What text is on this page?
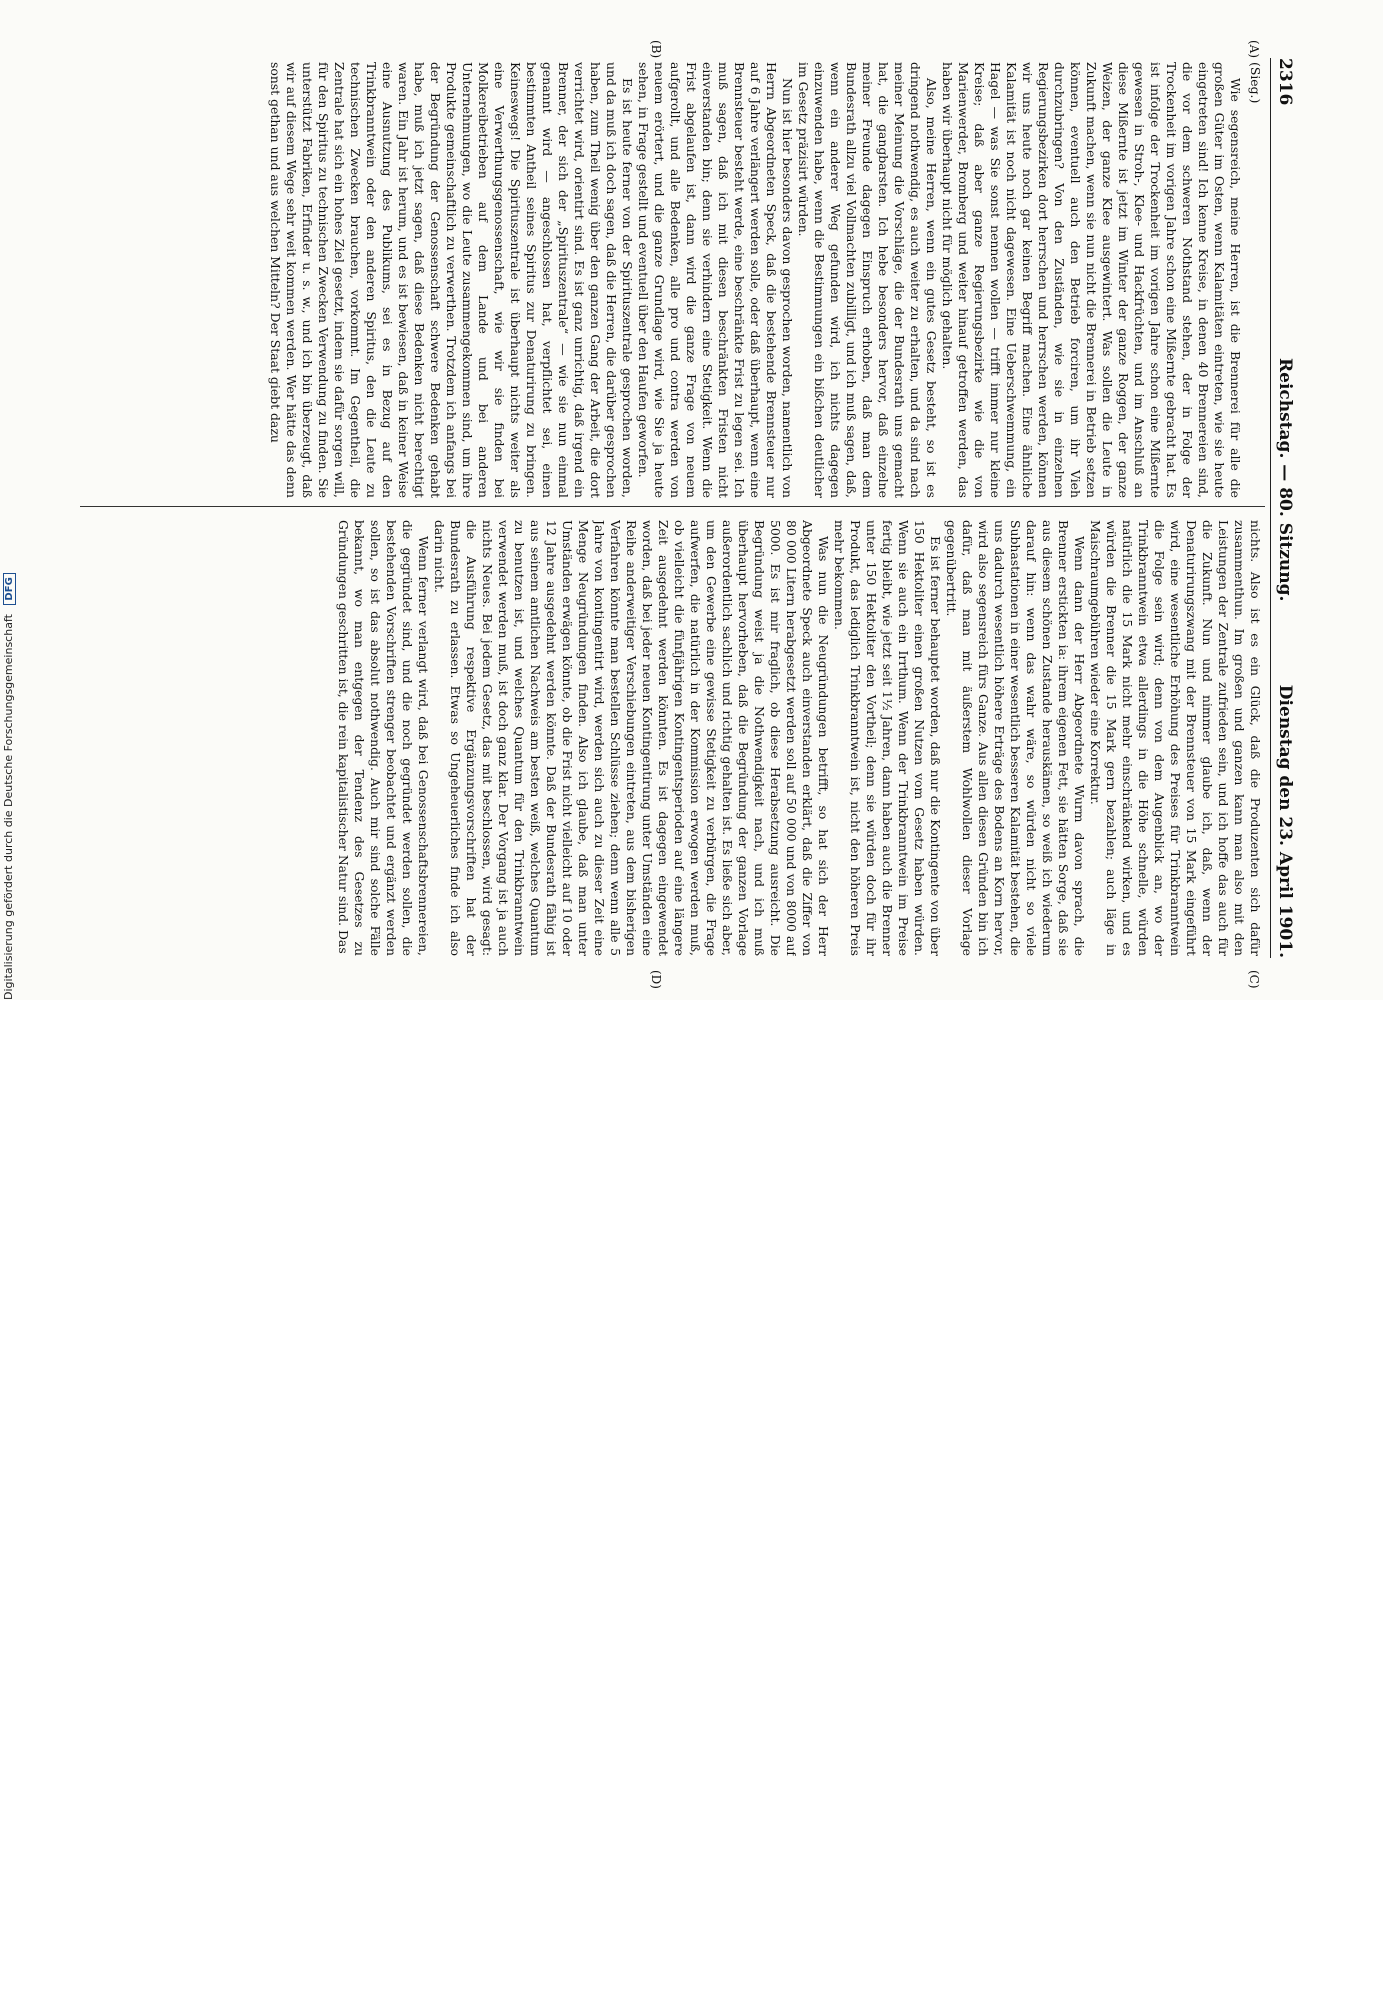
2316
Reichstag. — 80. Sitzung.
Dienstag den 23. April 1901.
(A)
(B)
(C)
(D)

(Sieg.)

Wie segensreich, meine Herren, ist die Brennerei für alle die großen Güter im Osten, wenn Kalamitäten eintreten, wie sie heute eingetreten sind! Ich kenne Kreise, in denen 40 Brennereien sind, die vor dem schweren Nothstand stehen, der in Folge der Trockenheit im vorigen Jahre schon eine Mißernte gebracht hat. Es ist infolge der Trockenheit im vorigen Jahre schon eine Mißernte gewesen in Stroh-, Klee- und Hackfrüchten, und im Anschluß an diese Mißernte ist jetzt im Winter der ganze Roggen, der ganze Weizen, der ganze Klee ausgewintert. Was sollen die Leute in Zukunft machen, wenn sie nun nicht die Brennerei in Betrieb setzen können, eventuell auch den Betrieb forciren, um ihr Vieh durchzubringen? Von den Zuständen, wie sie in einzelnen Regierungsbezirken dort herrschen und herrschen werden, können wir uns heute noch gar keinen Begriff machen. Eine ähnliche Kalamität ist noch nicht dagewesen. Eine Ueberschwemmung, ein Hagel — was Sie sonst nennen wollen — trifft immer nur kleine Kreise; daß aber ganze Regierungsbezirke wie die von Marienwerder, Bromberg und weiter hinauf getroffen werden, das haben wir überhaupt nicht für möglich gehalten.

Also, meine Herren, wenn ein gutes Gesetz besteht, so ist es dringend nothwendig, es auch weiter zu erhalten, und da sind nach meiner Meinung die Vorschläge, die der Bundesrath uns gemacht hat, die gangbarsten. Ich hebe besonders hervor, daß einzelne meiner Freunde dagegen Einspruch erhoben, daß man dem Bundesrath allzu viel Vollmachten zubilligt, und ich muß sagen, daß, wenn ein anderer Weg gefunden wird, ich nichts dagegen einzuwenden habe, wenn die Bestimmungen ein bißchen deutlicher im Gesetz präzisirt würden.

Nun ist hier besonders davon gesprochen worden, namentlich von Herrn Abgeordneten Speck, daß die bestehende Brennsteuer nur auf 6 Jahre verlängert werden solle, oder daß überhaupt, wenn eine Brennsteuer besteht werde, eine beschränkte Frist zu legen sei. Ich muß sagen, daß ich mit diesen beschränkten Fristen nicht einverstanden bin; denn sie verhindern eine Stetigkeit. Wenn die Frist abgelaufen ist, dann wird die ganze Frage von neuem aufgerollt, und alle Bedenken, alle pro und contra werden von neuem erörtert, und die ganze Grundlage wird, wie Sie ja heute sehen, in Frage gestellt und eventuell über den Haufen geworfen.

Es ist heute ferner von der Spirituszentrale gesprochen worden, und da muß ich doch sagen, daß die Herren, die darüber gesprochen haben, zum Theil wenig über den ganzen Gang der Arbeit, die dort verrichtet wird, orientirt sind. Es ist ganz unrichtig, daß irgend ein Brenner, der sich der „Spirituszentrale“ — wie sie nun einmal genannt wird — angeschlossen hat, verpflichtet sei, einen bestimmten Antheil seines Spiritus zur Denaturirung zu bringen. Keineswegs! Die Spirituszentrale ist überhaupt nichts weiter als eine Verwerthungsgenossenschaft, wie wir sie finden bei Molkereibetrieben auf dem Lande und bei anderen Unternehmungen, wo die Leute zusammengekommen sind, um ihre Produkte gemeinschaftlich zu verwerthen. Trotzdem ich anfangs bei der Begründung der Genossenschaft schwere Bedenken gehabt habe, muß ich jetzt sagen, daß diese Bedenken nicht berechtigt waren. Ein Jahr ist herum, und es ist bewiesen, daß in keiner Weise eine Ausnutzung des Publikums, sei es in Bezug auf den Trinkbranntwein oder den anderen Spiritus, den die Leute zu technischen Zwecken brauchen, vorkommt. Im Gegentheil, die Zentrale hat sich ein hohes Ziel gesetzt, indem sie dafür sorgen will, für den Spiritus zu technischen Zwecken Verwendung zu finden. Sie unterstützt Fabriken, Erfinder u. s. w., und ich bin überzeugt, daß wir auf diesem Wege sehr weit kommen werden. Wer hätte das denn sonst gethan und aus welchen Mitteln? Der Staat giebt dazu

nichts. Also ist es ein Glück, daß die Produzenten sich dafür zusammenthun. Im großen und ganzen kann man also mit den Leistungen der Zentrale zufrieden sein, und ich hoffe das auch für die Zukunft. Nun und nimmer glaube ich, daß, wenn der Denaturirungszwang mit der Brennsteuer von 15 Mark eingeführt wird, eine wesentliche Erhöhung des Preises für Trinkbranntwein die Folge sein wird; denn von dem Augenblick an, wo der Trinkbranntwein etwa allerdings in die Höhe schnelle, würden natürlich die 15 Mark nicht mehr einschränkend wirken, und es würden die Brenner die 15 Mark gern bezahlen; auch läge in Maischraumgebühren wieder eine Korrektur.

Wenn dann der Herr Abgeordnete Wurm davon sprach, die Brenner erstickten ia: ihrem eigenen Fett, sie hätten Sorge, daß sie aus diesem schönen Zustande herauskämen, so weiß ich wiederum darauf hin: wenn das wahr wäre, so würden nicht so viele Subhastationen in einer wesentlich besseren Kalamität bestehen, die uns dadurch wesentlich höhere Erträge des Bodens an Korn hervor, wird also segensreich fürs Ganze. Aus allen diesen Gründen bin ich dafür, daß man mit äußerstem Wohlwollen dieser Vorlage gegenübertritt.

Es ist ferner behauptet worden, daß nur die Kontingente von über 150 Hektoliter einen großen Nutzen vom Gesetz haben würden. Wenn sie auch ein Irrthum. Wenn der Trinkbranntwein im Preise fertig bleibt, wie jetzt seit 1½ Jahren, dann haben auch die Brenner unter 150 Hektoliter den Vortheil; denn sie würden doch für ihr Produkt, das lediglich Trinkbranntwein ist, nicht den höheren Preis mehr bekommen.

Was nun die Neugründungen betrifft, so hat sich der Herr Abgeordnete Speck auch einverstanden erklärt, daß die Ziffer von 80 000 Litern herabgesetzt werden soll auf 50 000 und von 8000 auf 5000. Es ist mir fraglich, ob diese Herabsetzung ausreicht. Die Begründung weist ja die Nothwendigkeit nach, und ich muß überhaupt hervorheben, daß die Begründung der ganzen Vorlage außerordentlich sachlich und richtig gehalten ist. Es ließe sich aber, um den Gewerbe eine gewisse Stetigkeit zu verbürgen, die Frage aufwerfen, die natürlich in der Kommission erwogen werden muß, ob vielleicht die fünfjährigen Kontingentsperioden auf eine längere Zeit ausgedehnt werden könnten. Es ist dagegen eingewendet worden, daß bei jeder neuen Kontingentirung unter Umständen eine Reihe anderweitiger Verschiebungen eintreten, aus dem bisherigen Verfahren könnte man bestellen Schlüsse ziehen; denn wenn alle 5 Jahre von kontingentirt wird, werden sich auch zu dieser Zeit eine Menge Neugründungen finden. Also ich glaube, daß man unter Umständen erwägen könnte, ob die Frist nicht vielleicht auf 10 oder 12 Jahre ausgedehnt werden könnte. Daß der Bundesrath fähig ist aus seinem amtlichen Nachweis am besten weiß, welches Quantum zu benutzen ist, und welches Quantum für den Trinkbranntwein verwendet werden muß, ist doch ganz klar. Der Vorgang ist ja auch nichts Neues. Bei jedem Gesetz, das mit beschlossen, wird gesagt: die Ausführung respektive Ergänzungsvorschriften hat der Bundesrath zu erlassen. Etwas so Ungeheuerliches finde ich also darin nicht.

Wenn ferner verlangt wird, daß bei Genossenschaftsbrennereien, die gegründet sind, und die noch gegründet werden sollen, die bestehenden Vorschriften strenger beobachtet und ergänzt werden sollen, so ist das absolut nothwendig. Auch mir sind solche Fälle bekannt, wo man entgegen der Tendenz des Gesetzes zu Gründungen geschritten ist, die rein kapitalistischer Natur sind. Das

Digitalisierung gefördert durch die Deutsche Forschungsgemeinschaft DFG
